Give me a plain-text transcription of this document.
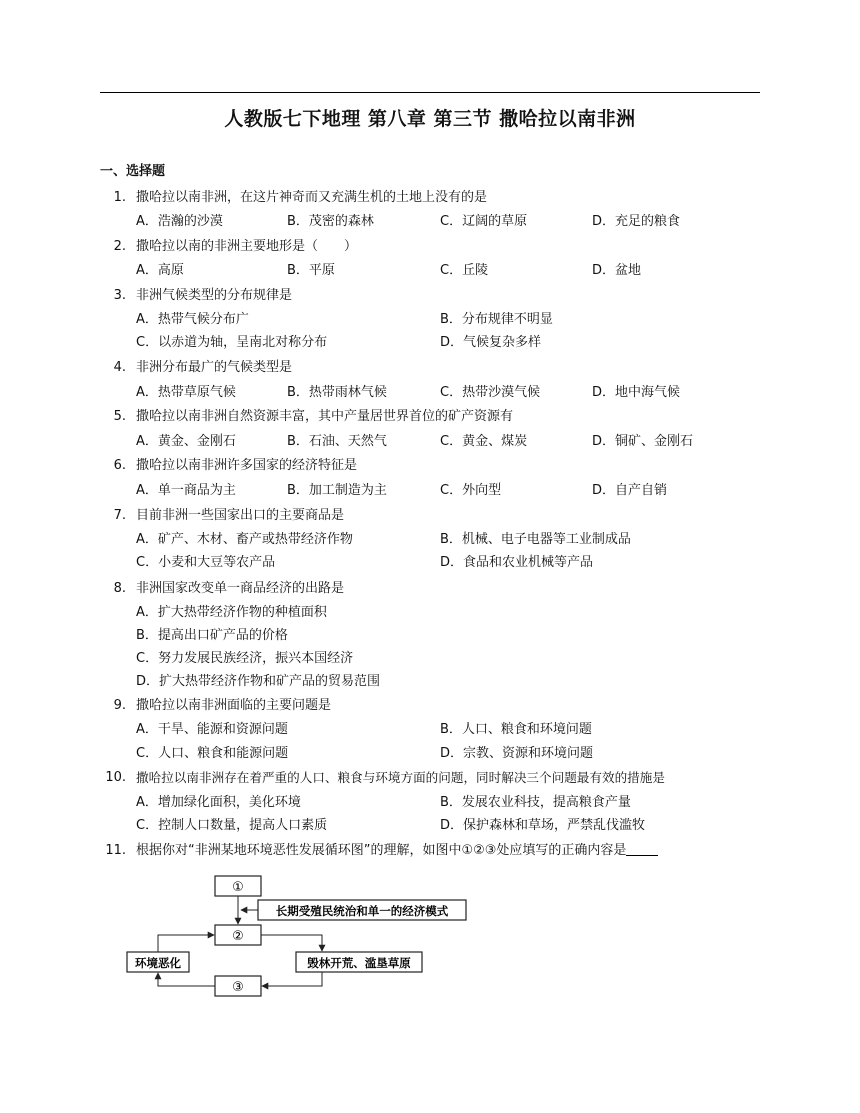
人教版七下地理 第八章 第三节 撒哈拉以南非洲
一、选择题
1. 撒哈拉以南非洲，在这片神奇而又充满生机的土地上没有的是
A．浩瀚的沙漠	B．茂密的森林	C．辽阔的草原	D．充足的粮食
2. 撒哈拉以南的非洲主要地形是（　　）
A．高原	B．平原	C．丘陵	D．盆地
3. 非洲气候类型的分布规律是
A．热带气候分布广	B．分布规律不明显
C．以赤道为轴，呈南北对称分布	D．气候复杂多样
4. 非洲分布最广的气候类型是
A．热带草原气候	B．热带雨林气候	C．热带沙漠气候	D．地中海气候
5. 撒哈拉以南非洲自然资源丰富，其中产量居世界首位的矿产资源有
A．黄金、金刚石	B．石油、天然气	C．黄金、煤炭	D．铜矿、金刚石
6. 撒哈拉以南非洲许多国家的经济特征是
A．单一商品为主	B．加工制造为主	C．外向型	D．自产自销
7. 目前非洲一些国家出口的主要商品是
A．矿产、木材、畜产或热带经济作物	B．机械、电子电器等工业制成品
C．小麦和大豆等农产品	D．食品和农业机械等产品
8. 非洲国家改变单一商品经济的出路是
A．扩大热带经济作物的种植面积
B．提高出口矿产品的价格
C．努力发展民族经济，振兴本国经济
D．扩大热带经济作物和矿产品的贸易范围
9. 撒哈拉以南非洲面临的主要问题是
A．干旱、能源和资源问题	B．人口、粮食和环境问题
C．人口、粮食和能源问题	D．宗教、资源和环境问题
10. 撒哈拉以南非洲存在着严重的人口、粮食与环境方面的问题，同时解决三个问题最有效的措施是
A．增加绿化面积，美化环境	B．发展农业科技，提高粮食产量
C．控制人口数量，提高人口素质	D．保护森林和草场，严禁乱伐滥牧
11. 根据你对“非洲某地环境恶性发展循环图”的理解，如图中①②③处应填写的正确内容是
①
长期受殖民统治和单一的经济模式
②
环境恶化	毁林开荒、滥垦草原
③
